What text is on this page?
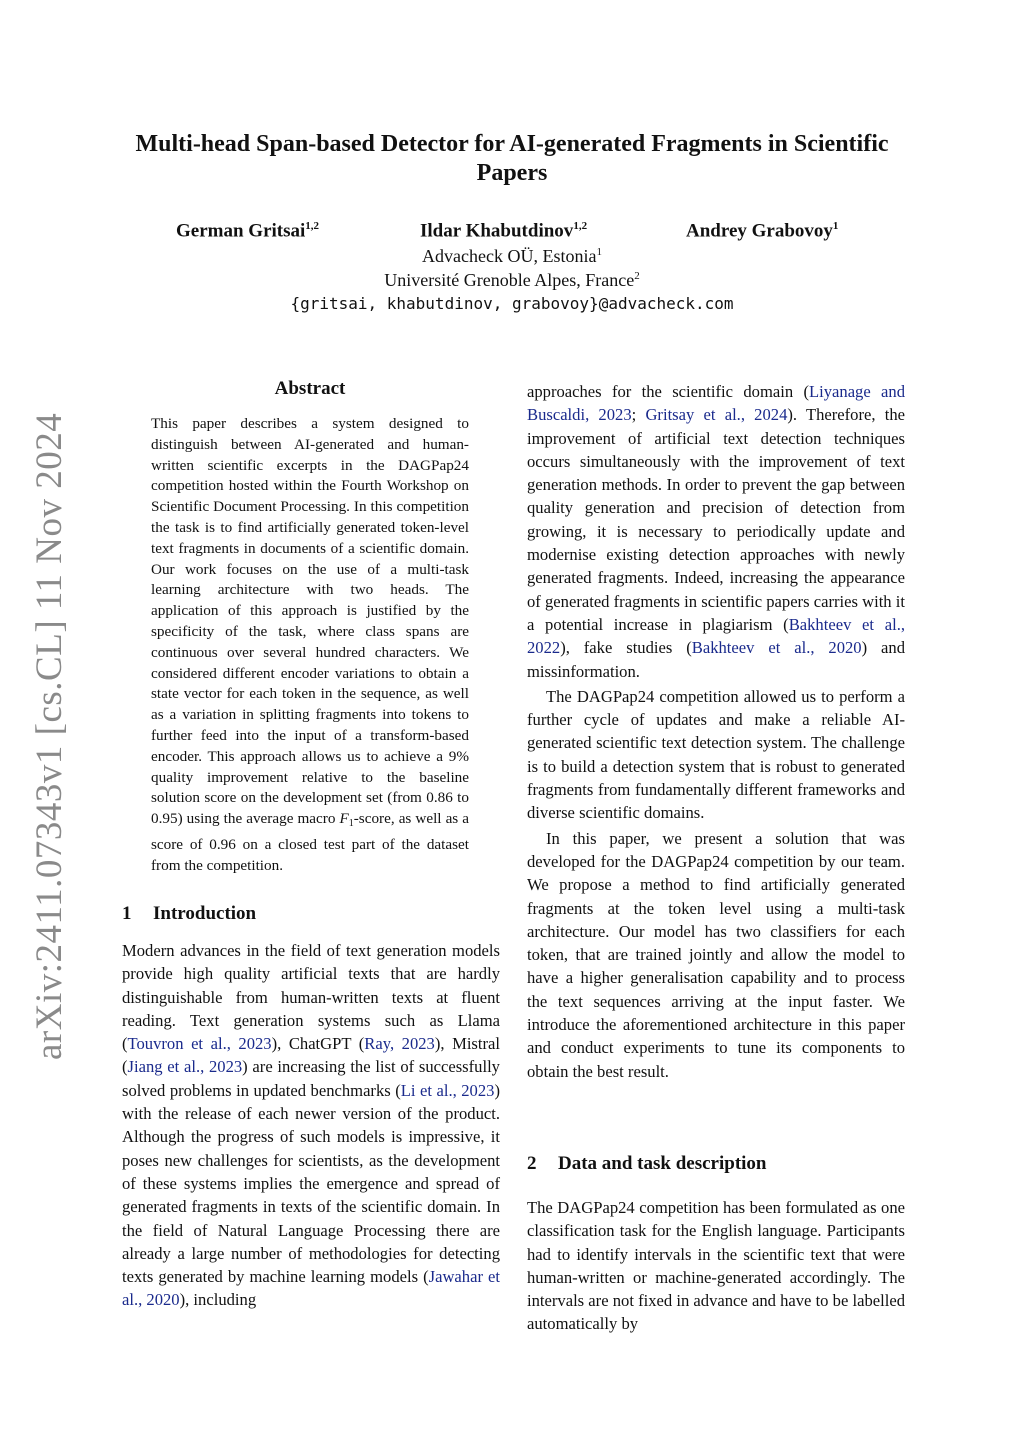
arXiv:2411.07343v1 [cs.CL] 11 Nov 2024
Multi-head Span-based Detector for AI-generated Fragments in Scientific Papers
German Gritsai$^{1,2}$	Ildar Khabutdinov$^{1,2}$	Andrey Grabovoy$^1$
Advacheck OÜ, Estonia$^1$
Université Grenoble Alpes, France$^2$
{gritsai, khabutdinov, grabovoy}@advacheck.com
Abstract
This paper describes a system designed to distinguish between AI-generated and human-written scientific excerpts in the DAGPap24 competition hosted within the Fourth Workshop on Scientific Document Processing. In this competition the task is to find artificially generated token-level text fragments in documents of a scientific domain. Our work focuses on the use of a multi-task learning architecture with two heads. The application of this approach is justified by the specificity of the task, where class spans are continuous over several hundred characters. We considered different encoder variations to obtain a state vector for each token in the sequence, as well as a variation in splitting fragments into tokens to further feed into the input of a transform-based encoder. This approach allows us to achieve a 9% quality improvement relative to the baseline solution score on the development set (from 0.86 to 0.95) using the average macro $F_1$-score, as well as a score of 0.96 on a closed test part of the dataset from the competition.
1 Introduction

Modern advances in the field of text generation models provide high quality artificial texts that are hardly distinguishable from human-written texts at fluent reading. Text generation systems such as Llama (Touvron et al., 2023), ChatGPT (Ray, 2023), Mistral (Jiang et al., 2023) are increasing the list of successfully solved problems in updated benchmarks (Li et al., 2023) with the release of each newer version of the product. Although the progress of such models is impressive, it poses new challenges for scientists, as the development of these systems implies the emergence and spread of generated fragments in texts of the scientific domain. In the field of Natural Language Processing there are already a large number of methodologies for detecting texts generated by machine learning models (Jawahar et al., 2020), including

approaches for the scientific domain (Liyanage and Buscaldi, 2023; Gritsay et al., 2024). Therefore, the improvement of artificial text detection techniques occurs simultaneously with the improvement of text generation methods. In order to prevent the gap between quality generation and precision of detection from growing, it is necessary to periodically update and modernise existing detection approaches with newly generated fragments. Indeed, increasing the appearance of generated fragments in scientific papers carries with it a potential increase in plagiarism (Bakhteev et al., 2022), fake studies (Bakhteev et al., 2020) and missinformation.

The DAGPap24 competition allowed us to perform a further cycle of updates and make a reliable AI-generated scientific text detection system. The challenge is to build a detection system that is robust to generated fragments from fundamentally different frameworks and diverse scientific domains.

In this paper, we present a solution that was developed for the DAGPap24 competition by our team. We propose a method to find artificially generated fragments at the token level using a multi-task architecture. Our model has two classifiers for each token, that are trained jointly and allow the model to have a higher generalisation capability and to process the text sequences arriving at the input faster. We introduce the aforementioned architecture in this paper and conduct experiments to tune its components to obtain the best result.

2 Data and task description

The DAGPap24 competition has been formulated as one classification task for the English language. Participants had to identify intervals in the scientific text that were human-written or machine-generated accordingly. The intervals are not fixed in advance and have to be labelled automatically by
